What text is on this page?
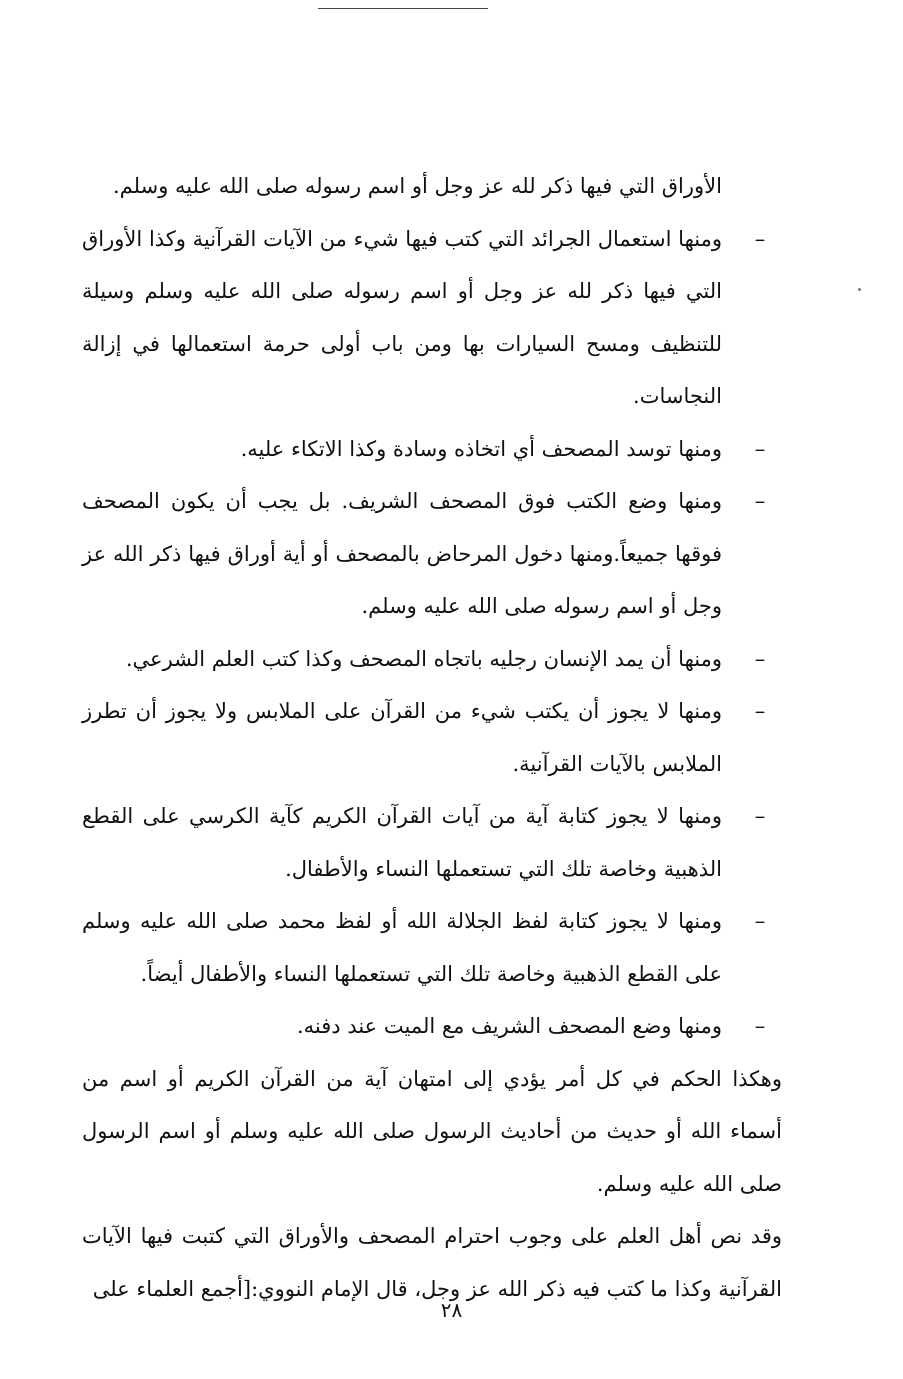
الأوراق التي فيها ذكر لله عز وجل أو اسم رسوله صلى الله عليه وسلم.

–
ومنها استعمال الجرائد التي كتب فيها شيء من الآيات القرآنية وكذا الأوراق التي فيها ذكر لله عز وجل أو اسم رسوله صلى الله عليه وسلم وسيلة للتنظيف ومسح السيارات بها ومن باب أولى حرمة استعمالها في إزالة النجاسات.
–
ومنها توسد المصحف أي اتخاذه وسادة وكذا الاتكاء عليه.
–
ومنها وضع الكتب فوق المصحف الشريف. بل يجب أن يكون المصحف فوقها جميعاً.ومنها دخول المرحاض بالمصحف أو أية أوراق فيها ذكر الله عز وجل أو اسم رسوله صلى الله عليه وسلم.
–
ومنها أن يمد الإنسان رجليه باتجاه المصحف وكذا كتب العلم الشرعي.
–
ومنها لا يجوز أن يكتب شيء من القرآن على الملابس ولا يجوز أن تطرز الملابس بالآيات القرآنية.
–
ومنها لا يجوز كتابة آية من آيات القرآن الكريم كآية الكرسي على القطع الذهبية وخاصة تلك التي تستعملها النساء والأطفال.
–
ومنها لا يجوز كتابة لفظ الجلالة الله أو لفظ محمد صلى الله عليه وسلم على القطع الذهبية وخاصة تلك التي تستعملها النساء والأطفال أيضاً.
–
ومنها وضع المصحف الشريف مع الميت عند دفنه.

وهكذا الحكم في كل أمر يؤدي إلى امتهان آية من القرآن الكريم أو اسم من أسماء الله أو حديث من أحاديث الرسول صلى الله عليه وسلم أو اسم الرسول صلى الله عليه وسلم.

وقد نص أهل العلم على وجوب احترام المصحف والأوراق التي كتبت فيها الآيات القرآنية وكذا ما كتب فيه ذكر الله عز وجل، قال الإمام النووي:[أجمع العلماء على

٢٨
